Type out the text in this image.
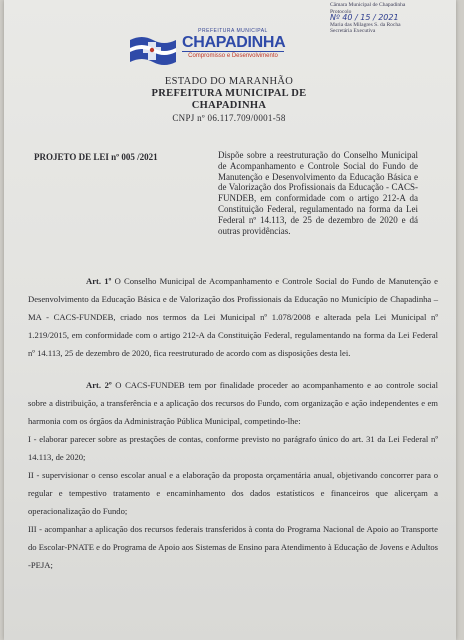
Câmara Municipal de Chapadinha
Protocolo
Nº 40 / 15 / 2021
Maria das Milagres S. da Rocha
Secretária Executiva
PREFEITURA MUNICIPAL
CHAPADINHA
Compromisso e Desenvolvimento
ESTADO DO MARANHÃO
PREFEITURA MUNICIPAL DE CHAPADINHA
CNPJ nº 06.117.709/0001-58
PROJETO DE LEI nº 005 /2021	Dispõe sobre a reestruturação do Conselho Municipal de Acompanhamento e Controle Social do Fundo de Manutenção e Desenvolvimento da Educação Básica e de Valorização dos Profissionais da Educação - CACS-FUNDEB, em conformidade com o artigo 212-A da Constituição Federal, regulamentado na forma da Lei Federal nº 14.113, de 25 de dezembro de 2020 e dá outras providências.

Art. 1º O Conselho Municipal de Acompanhamento e Controle Social do Fundo de Manutenção e Desenvolvimento da Educação Básica e de Valorização dos Profissionais da Educação no Município de Chapadinha – MA - CACS-FUNDEB, criado nos termos da Lei Municipal nº 1.078/2008 e alterada pela Lei Municipal nº 1.219/2015, em conformidade com o artigo 212-A da Constituição Federal, regulamentando na forma da Lei Federal nº 14.113, 25 de dezembro de 2020, fica reestruturado de acordo com as disposições desta lei.

Art. 2º O CACS-FUNDEB tem por finalidade proceder ao acompanhamento e ao controle social sobre a distribuição, a transferência e a aplicação dos recursos do Fundo, com organização e ação independentes e em harmonia com os órgãos da Administração Pública Municipal, competindo-lhe:

I - elaborar parecer sobre as prestações de contas, conforme previsto no parágrafo único do art. 31 da Lei Federal nº 14.113, de 2020;

II - supervisionar o censo escolar anual e a elaboração da proposta orçamentária anual, objetivando concorrer para o regular e tempestivo tratamento e encaminhamento dos dados estatísticos e financeiros que alicerçam a operacionalização do Fundo;

III - acompanhar a aplicação dos recursos federais transferidos à conta do Programa Nacional de Apoio ao Transporte do Escolar-PNATE e do Programa de Apoio aos Sistemas de Ensino para Atendimento à Educação de Jovens e Adultos -PEJA;
